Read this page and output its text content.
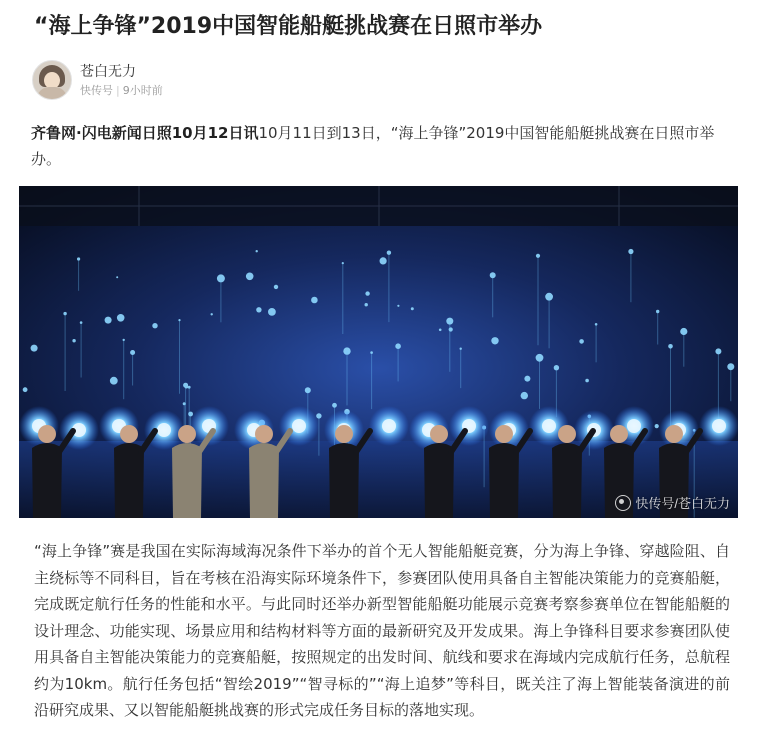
“海上争锋”2019中国智能船艇挑战赛在日照市举办
苍白无力
快传号 | 9小时前
齐鲁网·闪电新闻日照10月12日讯10月11日到13日，“海上争锋”2019中国智能船艇挑战赛在日照市举办。
快传号/苍白无力
“海上争锋”赛是我国在实际海域海况条件下举办的首个无人智能船艇竞赛，分为海上争锋、穿越险阻、自主绕标等不同科目，旨在考核在沿海实际环境条件下，参赛团队使用具备自主智能决策能力的竞赛船艇，完成既定航行任务的性能和水平。与此同时还举办新型智能船艇功能展示竞赛考察参赛单位在智能船艇的设计理念、功能实现、场景应用和结构材料等方面的最新研究及开发成果。海上争锋科目要求参赛团队使用具备自主智能决策能力的竞赛船艇，按照规定的出发时间、航线和要求在海域内完成航行任务，总航程约为10km。航行任务包括“智绘2019”“智寻标的”“海上追梦”等科目，既关注了海上智能装备演进的前沿研究成果、又以智能船艇挑战赛的形式完成任务目标的落地实现。
